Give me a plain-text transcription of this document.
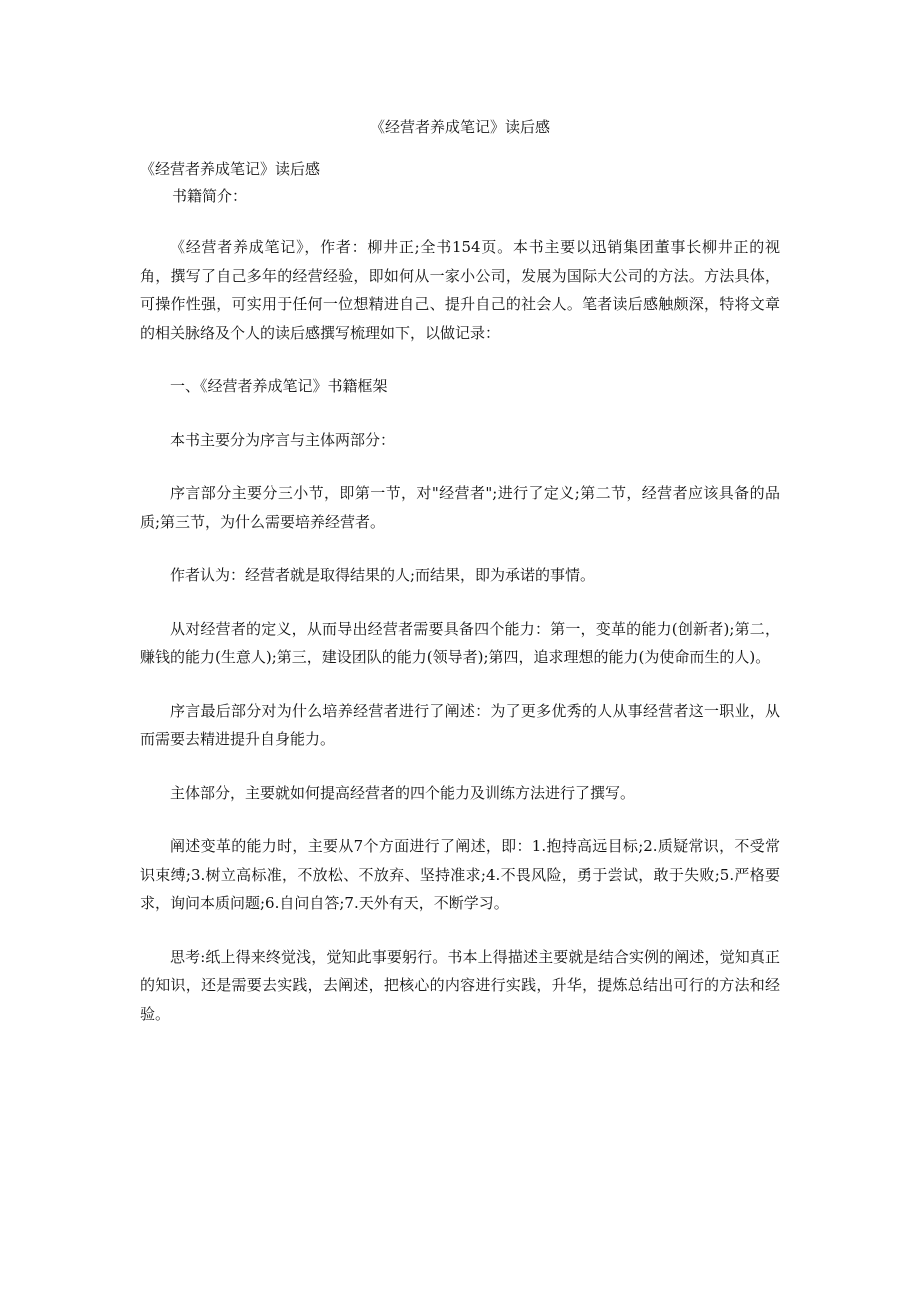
《经营者养成笔记》读后感

《经营者养成笔记》读后感

书籍简介：

《经营者养成笔记》，作者：柳井正;全书154页。本书主要以迅销集团董事长柳井正的视角，撰写了自己多年的经营经验，即如何从一家小公司，发展为国际大公司的方法。方法具体，可操作性强，可实用于任何一位想精进自己、提升自己的社会人。笔者读后感触颇深，特将文章的相关脉络及个人的读后感撰写梳理如下，以做记录：

一、《经营者养成笔记》书籍框架

本书主要分为序言与主体两部分：

序言部分主要分三小节，即第一节，对"经营者";进行了定义;第二节，经营者应该具备的品质;第三节，为什么需要培养经营者。

作者认为：经营者就是取得结果的人;而结果，即为承诺的事情。

从对经营者的定义，从而导出经营者需要具备四个能力：第一，变革的能力(创新者);第二，赚钱的能力(生意人);第三，建设团队的能力(领导者);第四，追求理想的能力(为使命而生的人)。

序言最后部分对为什么培养经营者进行了阐述：为了更多优秀的人从事经营者这一职业，从而需要去精进提升自身能力。

主体部分，主要就如何提高经营者的四个能力及训练方法进行了撰写。

阐述变革的能力时，主要从7个方面进行了阐述，即：1.抱持高远目标;2.质疑常识，不受常识束缚;3.树立高标准，不放松、不放弃、坚持准求;4.不畏风险，勇于尝试，敢于失败;5.严格要求，询问本质问题;6.自问自答;7.天外有天，不断学习。

思考:纸上得来终觉浅，觉知此事要躬行。书本上得描述主要就是结合实例的阐述，觉知真正的知识，还是需要去实践，去阐述，把核心的内容进行实践，升华，提炼总结出可行的方法和经验。
